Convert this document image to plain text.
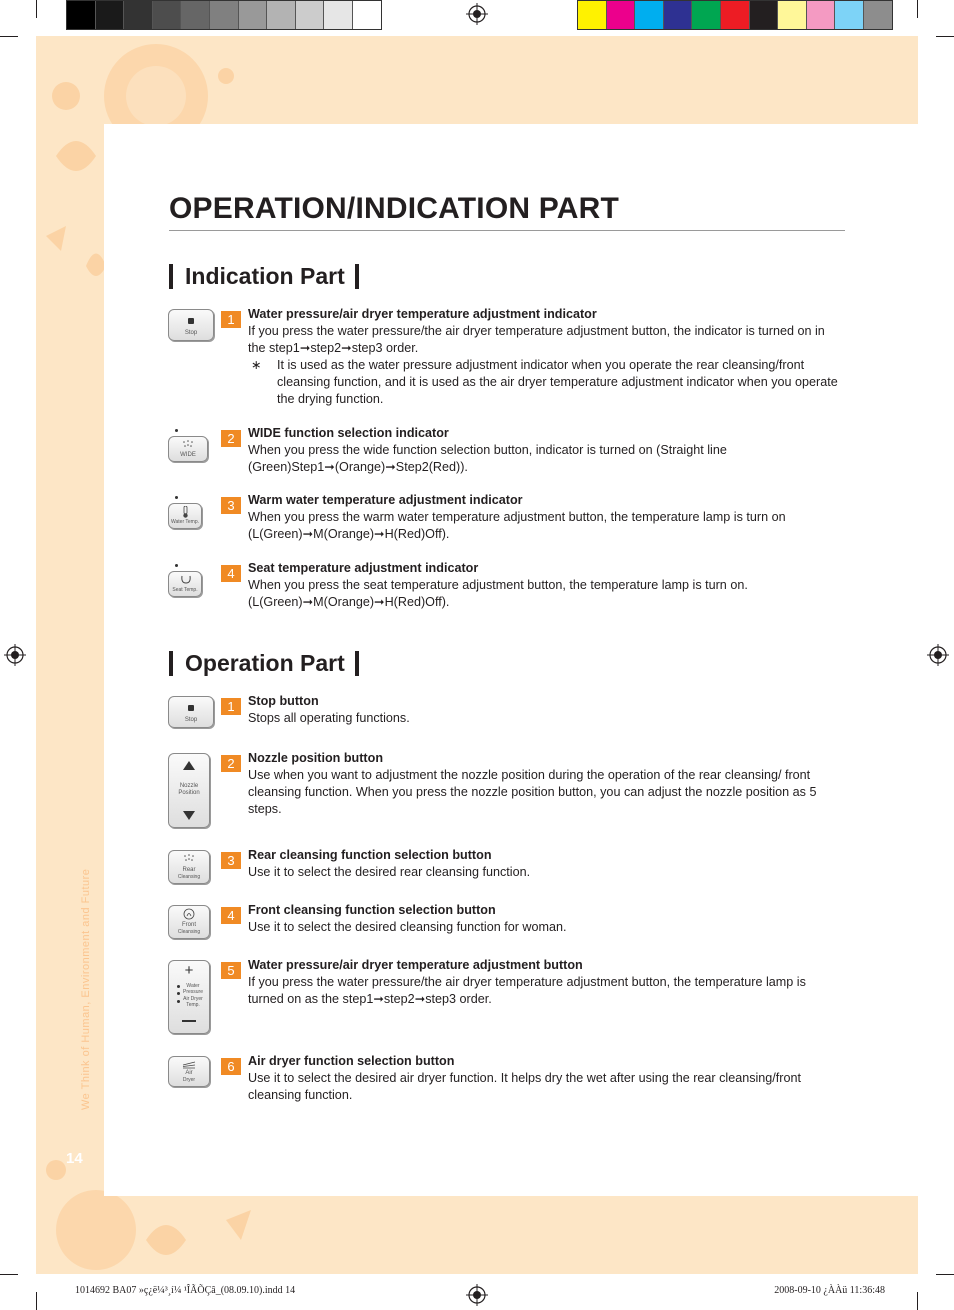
OPERATION/INDICATION PART
Indication Part
Stop
1	Water pressure/air dryer temperature adjustment indicator

If you press the water pressure/the air dryer temperature adjustment button, the indicator is turned on in the step1➞step2➞step3 order.

∗ It is used as the water pressure adjustment indicator when you operate the rear cleansing/front cleansing function, and it is used as the air dryer temperature adjustment indicator when you operate the drying function.
WIDE
2	WIDE function selection indicator

When you press the wide function selection button, indicator is turned on (Straight line (Green)Step1➞(Orange)➞Step2(Red)).

Water Temp.
3	Warm water temperature adjustment indicator

When you press the warm water temperature adjustment button, the temperature lamp is turn on (L(Green)➞M(Orange)➞H(Red)Off).

Seat Temp.
4	Seat temperature adjustment indicator

When you press the seat temperature adjustment button, the temperature lamp is turn on. (L(Green)➞M(Orange)➞H(Red)Off).

Operation Part
Stop
1	Stop button

Stops all operating functions.

Nozzle
Position
2	Nozzle position button

Use when you want to adjustment the nozzle position during the operation of the rear cleansing/ front cleansing function. When you press the nozzle position button, you can adjust the nozzle position as 5 steps.

Rear
Cleansing
3	Rear cleansing function selection button

Use it to select the desired rear cleansing function.

Front
Cleansing
4	Front cleansing function selection button

Use it to select the desired cleansing function for woman.

+
Water
Pressure
Air Dryer
Temp.
5	Water pressure/air dryer temperature adjustment button

If you press the water pressure/the air dryer temperature adjustment button, the temperature lamp is turned on as the step1➞step2➞step3 order.

Air
Dryer
6	Air dryer function selection button

Use it to select the desired air dryer function. It helps dry the wet after using the rear cleansing/front cleansing function.

We Think of Human, Environment and Future
14
1014692 BA07 »ç¿ë¼³¸í¼ ¹ÎÃÕÇâ_(08.09.10).indd 14	2008-09-10 ¿ÀÀü 11:36:48
